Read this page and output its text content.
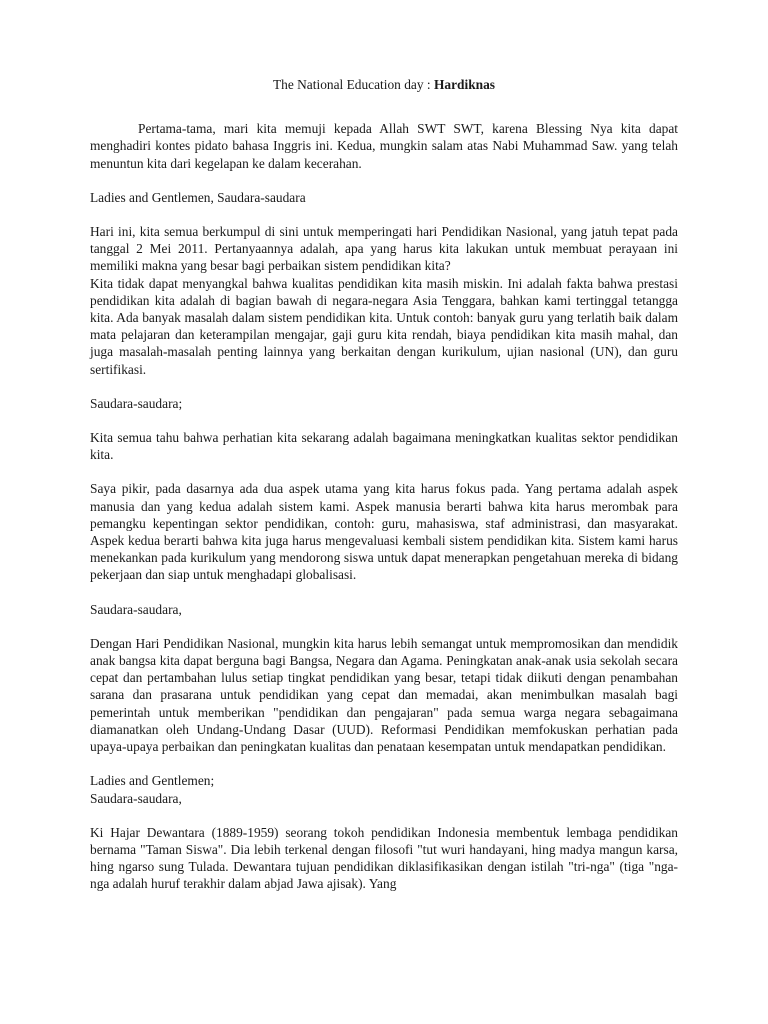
The National Education day : Hardiknas

Pertama-tama, mari kita memuji kepada Allah SWT SWT, karena Blessing Nya kita dapat menghadiri kontes pidato bahasa Inggris ini. Kedua, mungkin salam atas Nabi Muhammad Saw. yang telah menuntun kita dari kegelapan ke dalam kecerahan.

Ladies and Gentlemen, Saudara-saudara

Hari ini, kita semua berkumpul di sini untuk memperingati hari Pendidikan Nasional, yang jatuh tepat pada tanggal 2 Mei 2011. Pertanyaannya adalah, apa yang harus kita lakukan untuk membuat perayaan ini memiliki makna yang besar bagi perbaikan sistem pendidikan kita?

Kita tidak dapat menyangkal bahwa kualitas pendidikan kita masih miskin. Ini adalah fakta bahwa prestasi pendidikan kita adalah di bagian bawah di negara-negara Asia Tenggara, bahkan kami tertinggal tetangga kita. Ada banyak masalah dalam sistem pendidikan kita. Untuk contoh: banyak guru yang terlatih baik dalam mata pelajaran dan keterampilan mengajar, gaji guru kita rendah, biaya pendidikan kita masih mahal, dan juga masalah-masalah penting lainnya yang berkaitan dengan kurikulum, ujian nasional (UN), dan guru sertifikasi.

Saudara-saudara;

Kita semua tahu bahwa perhatian kita sekarang adalah bagaimana meningkatkan kualitas sektor pendidikan kita.

Saya pikir, pada dasarnya ada dua aspek utama yang kita harus fokus pada. Yang pertama adalah aspek manusia dan yang kedua adalah sistem kami. Aspek manusia berarti bahwa kita harus merombak para pemangku kepentingan sektor pendidikan, contoh: guru, mahasiswa, staf administrasi, dan masyarakat. Aspek kedua berarti bahwa kita juga harus mengevaluasi kembali sistem pendidikan kita. Sistem kami harus menekankan pada kurikulum yang mendorong siswa untuk dapat menerapkan pengetahuan mereka di bidang pekerjaan dan siap untuk menghadapi globalisasi.

Saudara-saudara,

Dengan Hari Pendidikan Nasional, mungkin kita harus lebih semangat untuk mempromosikan dan mendidik anak bangsa kita dapat berguna bagi Bangsa, Negara dan Agama. Peningkatan anak-anak usia sekolah secara cepat dan pertambahan lulus setiap tingkat pendidikan yang besar, tetapi tidak diikuti dengan penambahan sarana dan prasarana untuk pendidikan yang cepat dan memadai, akan menimbulkan masalah bagi pemerintah untuk memberikan "pendidikan dan pengajaran" pada semua warga negara sebagaimana diamanatkan oleh Undang-Undang Dasar (UUD). Reformasi Pendidikan memfokuskan perhatian pada upaya-upaya perbaikan dan peningkatan kualitas dan penataan kesempatan untuk mendapatkan pendidikan.

Ladies and Gentlemen;
Saudara-saudara,

Ki Hajar Dewantara (1889-1959) seorang tokoh pendidikan Indonesia membentuk lembaga pendidikan bernama "Taman Siswa". Dia lebih terkenal dengan filosofi "tut wuri handayani, hing madya mangun karsa, hing ngarso sung Tulada. Dewantara tujuan pendidikan diklasifikasikan dengan istilah "tri-nga" (tiga "nga-nga adalah huruf terakhir dalam abjad Jawa ajisak). Yang
